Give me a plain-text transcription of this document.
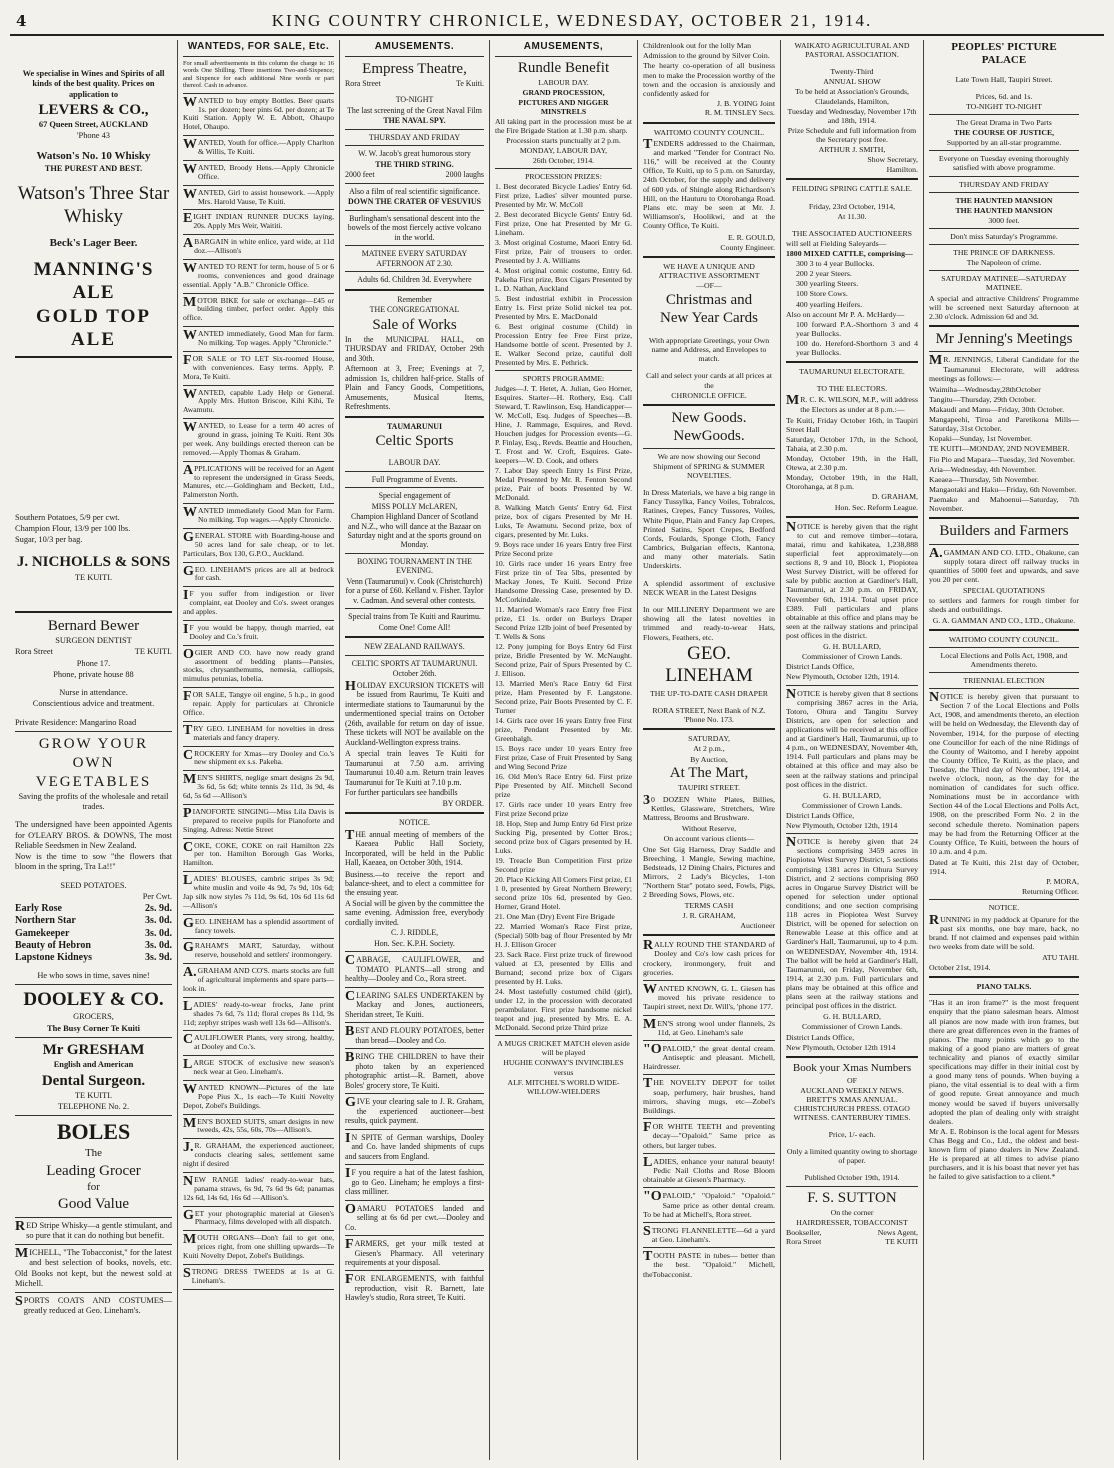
4	KING COUNTRY CHRONICLE, WEDNESDAY, OCTOBER 21, 1914.

We specialise in Wines and Spirits of all kinds of the best quality. Prices on application to

LEVERS & CO.,

67 Queen Street, AUCKLAND

'Phone 43

Watson's No. 10 Whisky

THE PUREST AND BEST.

Watson's Three Star Whisky

Beck's Lager Beer.

MANNING'S ALE

GOLD TOP ALE

Southern Potatoes, 5/9 per cwt.

Champion Flour, 13/9 per 100 lbs.

Sugar, 10/3 per bag.

J. NICHOLLS & SONS

TE KUITI.

Bernard Bewer

SURGEON DENTIST

Rora Street	TE KUITI.

Phone 17.

Phone, private house 88

Nurse in attendance.

Conscientious advice and treatment.

Private Residence: Mangarino Road

GROW YOUR

OWN VEGETABLES

Saving the profits of the wholesale and retail trades.

The undersigned have been appointed Agents for O'LEARY BROS. & DOWNS, The most Reliable Seedsmen in New Zealand.

Now is the time to sow "the flowers that bloom in the spring, Tra La!!"

SEED POTATOES.

Per Cwt.

Early Rose	2s. 9d.
Northern Star	3s. 0d.
Gamekeeper	3s. 0d.
Beauty of Hebron	3s. 0d.
Lapstone Kidneys	3s. 9d.

He who sows in time, saves nine!

DOOLEY & CO.

GROCERS,

The Busy Corner Te Kuiti

Mr GRESHAM

English and American

Dental Surgeon.

TE KUITI.

TELEPHONE No. 2.

BOLES

The

Leading Grocer

for

Good Value

RED Stripe Whisky—a gentle stimulant, and so pure that it can do nothing but benefit.

MICHELL, "The Tobacconist," for the latest and best selection of books, novels, etc. Old Books not kept, but the newest sold at Michell.

SPORTS COATS AND COSTUMES—greatly reduced at Geo. Lineham's.

WANTEDS, FOR SALE, Etc.

For small advertisements in this column the charge is: 16 words One Shilling. Three insertions Two-and-Sixpence; and Sixpence for each additional Nine words or part thereof. Cash in advance.

WANTED to buy empty Bottles. Beer quarts 1s. per dozen; beer pints 6d. per dozen; at Te Kuiti Station. Apply W. E. Abbott, Ohaupo Hotel, Ohaupo.

WANTED, Youth for office.—Apply Charlton & Willis, Te Kuiti.

WANTED, Broody Hens.—Apply Chronicle Office.

WANTED, Girl to assist housework. —Apply Mrs. Harold Vause, Te Kuiti.

EIGHT INDIAN RUNNER DUCKS laying, 20s. Apply Mrs Weir, Waititi.

ABARGAIN in white enlice, yard wide, at 11d doz.—Allison's

WANTED TO RENT for term, house of 5 or 6 rooms, conveniences and good drainage essential. Apply "A.B." Chronicle Office.

MOTOR BIKE for sale or exchange—£45 or building timber, perfect order. Apply this office.

WANTED immediately, Good Man for farm. No milking. Top wages. Apply "Chronicle."

FOR SALE or TO LET Six-roomed House, with conveniences. Easy terms. Apply, P. Mora, Te Kuiti.

WANTED, capable Lady Help or General. Apply Mrs. Hutton Briscoe, Kihi Kihi, Te Awamutu.

WANTED, to Lease for a term 40 acres of ground in grass, joining Te Kuiti. Rent 30s per week. Any buildings erected thereon can be removed.—Apply Thomas & Graham.

APPLICATIONS will be received for an Agent to represent the undersigned in Grass Seeds, Manures, etc.—Goldingham and Beckett, Ltd., Palmerston North.

WANTED immediately Good Man for Farm. No milking. Top wages.—Apply Chronicle.

GENERAL STORE with Boarding-house and 50 acres land for sale cheap, or to let. Particulars, Box 130, G.P.O., Auckland.

GEO. LINEHAM'S prices are all at bedrock for cash.

IF you suffer from indigestion or liver complaint, eat Dooley and Co's. sweet oranges and apples.

IF you would be happy, though married, eat Dooley and Co.'s fruit.

OGIER AND CO. have now ready grand assortment of bedding plants—Pansies, stocks, chrysanthemums, nemesia, calliopsis, mimulus petunias, lobelia.

FOR SALE, Tangye oil engine, 5 h.p., in good repair. Apply for particulars at Chronicle Office.

TRY GEO. LINEHAM for novelties in dress materials and fancy drapery.

CROCKERY for Xmas—try Dooley and Co.'s new shipment ex s.s. Pakeha.

MEN'S SHIRTS, neglige smart designs 2s 9d, 3s 6d, 5s 6d; white tennis 2s 11d, 3s 9d, 4s 6d, 5s 6d —Allison's

PIANOFORTE SINGING—Miss Lila Davis is prepared to receive pupils for Pianoforte and Singing. Adress: Nettie Street

COKE, COKE, COKE on rail Hamilton 22s per ton. Hamilton Borough Gas Works, Hamilton.

LADIES' BLOUSES, cambric stripes 3s 9d; white muslin and voile 4s 9d, 7s 9d, 10s 6d; Jap silk now styles 7s 11d, 9s 6d, 10s 6d 11s 6d—Allison's

GEO. LINEHAM has a splendid assortment of fancy towels.

GRAHAM'S MART, Saturday, without reserve, household and settlers' ironmongery.

A.GRAHAM AND CO'S. marts stocks are full of agricultural implements and spare parts—look in.

LADIES' ready-to-wear frocks, Jane print shades 7s 6d, 7s 11d; floral crepes 8s 11d, 9s 11d; zephyr stripes wash well 13s 6d—Allison's.

CAULIFLOWER Plants, very strong, healthy, at Dooley and Co.'s.

LARGE STOCK of exclusive new season's neck wear at Geo. Lineham's.

WANTED KNOWN—Pictures of the late Pope Pius X., 1s each—Te Kuiti Novelty Depot, Zobel's Buildings.

MEN'S BOXED SUITS, smart designs in new tweeds, 42s, 55s, 60s, 70s—Allison's.

J.R. GRAHAM, the experienced auctioneer, conducts clearing sales, settlement same night if desired

NEW RANGE ladies' ready-to-wear hats, panama straws, 6s 9d, 7s 6d 9s 6d; panamas 12s 6d, 14s 6d, 16s 6d —Allison's.

GET your photographic material at Giesen's Pharmacy, films developed with all dispatch.

MOUTH ORGANS—Don't fail to get one, prices right, from one shilling upwards—Te Kuiti Novelty Depot, Zobel's Buildings.

STRONG DRESS TWEEDS at 1s at G. Lineham's.

AMUSEMENTS.

Empress Theatre,

Rora Street	Te Kuiti.

TO-NIGHT

The last screening of the Great Naval Film

THE NAVAL SPY.

THURSDAY AND FRIDAY

W. W. Jacob's great humorous story

THE THIRD STRING.

2000 feet	2000 laughs

Also a film of real scientific significance.

DOWN THE CRATER OF VESUVIUS

Burlingham's sensational descent into the bowels of the most fiercely active volcano in the world.

MATINEE EVERY SATURDAY AFTERNOON AT 2.30.

Adults 6d. Children 3d. Everywhere

Remember

THE CONGREGATIONAL

Sale of Works

In the MUNICIPAL HALL, on THURSDAY and FRIDAY, October 29th and 30th.

Afternoon at 3, Free; Evenings at 7, admission 1s, children half-price. Stalls of Plain and Fancy Goods, Competitions, Amusements, Musical Items, Refreshments.

TAUMARUNUI

Celtic Sports

LABOUR DAY.

Full Programme of Events.

Special engagement of

MISS POLLY McLAREN,

Champion Highland Dancer of Scotland and N.Z., who will dance at the Bazaar on Saturday night and at the sports ground on Monday.

BOXING TOURNAMENT IN THE EVENING.

Venn (Taumarunui) v. Cook (Christchurch) for a purse of £60. Kelland v. Fisher. Taylor v. Cadman. And several other contests.

Special trains from Te Kuiti and Raurimu.

Come One! Come All!

NEW ZEALAND RAILWAYS.

CELTIC SPORTS AT TAUMARUNUI.

October 26th.

HOLIDAY EXCURSION TICKETS will be issued from Raurimu, Te Kuiti and intermediate stations to Taumarunui by the undermentioned special trains on October (26th, available for return on day of issue. These tickets will NOT be available on the Auckland-Wellington express trains.

A special train leaves Te Kuiti for Taumarunui at 7.50 a.m. arriving Taumarunui 10.40 a.m. Return train leaves Taumarunui for Te Kuiti at 7.10 p.m.

For further particulars see handbills

BY ORDER.

NOTICE.

THE annual meeting of members of the Kaeaea Public Hall Society, Incorporated, will be held in the Public Hall, Kaeaea, on October 30th, 1914.

Business.—to receive the report and balance-sheet, and to elect a committee for the ensuing year.

A Social will be given by the committee the same evening. Admission free, everybody cordially invited.

C. J. RIDDLE,

Hon. Sec. K.P.H. Society.

CABBAGE, CAULIFLOWER, and TOMATO PLANTS—all strong and healthy—Dooley and Co., Rora street.

CLEARING SALES UNDERTAKEN by Mackay and Jones, auctioneers, Sheridan street, Te Kuiti.

BEST AND FLOURY POTATOES, better than bread—Dooley and Co.

BRING THE CHILDREN to have their photo taken by an experienced photographic artist—R. Barnett, above Boles' grocery store, Te Kuiti.

GIVE your clearing sale to J. R. Graham, the experienced auctioneer—best results, quick payment.

IN SPITE of German warships, Dooley and Co. have landed shipments of cups and saucers from England.

IF you require a hat of the latest fashion, go to Geo. Lineham; he employs a first-class milliner.

OAMARU POTATOES landed and selling at 6s 6d per cwt.—Dooley and Co.

FARMERS, get your milk tested at Giesen's Pharmacy. All veterinary requirements at your disposal.

FOR ENLARGEMENTS, with faithful reproduction, visit R. Barnett, late Hawley's studio, Rora street, Te Kuiti.

AMUSEMENTS,

Rundle Benefit

LABOUR DAY.

GRAND PROCESSION,

PICTURES AND NIGGER MINSTRELS

All taking part in the procession must be at the Fire Brigade Station at 1.30 p.m. sharp.

Procession starts punctually at 2 p.m.

MONDAY, LABOUR DAY,

26th October, 1914.

PROCESSION PRIZES:

1. Best decorated Bicycle Ladies' Entry 6d. First prize, Ladies' silver mounted purse. Presented by Mr. W. McColl

2. Best decorated Bicycle Gents' Entry 6d. First prize, One hat Presented by Mr G. Lineham.

3. Most original Costume, Maori Entry 6d. First prize, Pair of trousers to order. Presented by J. A. Williams

4. Most original comic costume, Entry 6d. Pakeha First prize, Box Cigars Presented by L. D. Nathan, Auckland

5. Best industrial exhibit in Procession Entry 1s. First prize Solid nickel tea pot. Presented by Mrs. E. MacDonald

6. Best original costume (Child) in Procession Entry fee Free First prize, Handsome bottle of scent. Presented by J. E. Walker Second prize, cautiful doll Presented by Mrs. E. Pethrick.

SPORTS PROGRAMME:

Judges—J. T. Hetet, A. Julian, Geo Horner, Esquires. Starter—H. Rothery, Esq. Call Steward, T. Rawlinson, Esq. Handicapper—W. McColl, Esq. Judges of Speeches—B. Hine, J. Rammage, Esquires, and Revd. Houchen judges for Procession events—G. P. Finlay, Esq., Revds. Beattie and Houchen, T. Frost and W. Croft, Esquires. Gate-keepers—W. D. Cook, and others

7. Labor Day speech Entry 1s First Prize, Medal Presented by Mr. R. Fenton Second prize, Pair of boots Presented by W. McDonald.

8. Walking Match Gents' Entry 6d. First prize, box of cigars Presented by Mr H. Luks, Te Awamutu. Second prize, box of cigars, presented by Mr. Luks.

9. Boys race under 16 years Entry free First Prize Second prize

10. Girls race under 16 years Entry free First prize tin of Tea 5lbs, presented by Mackay Jones, Te Kuiti. Second Prize Handsome Dressing Case, presented by D. McCorkindale.

11. Married Woman's race Entry free First prize, £1 1s. order on Burleys Draper Second Prize 12lb joint of beef Presented by T. Wells & Sons

12. Pony jumping for Boys Entry 6d First prize, Bridle Presented by W. McNaught. Second prize, Pair of Spurs Presented by C. J. Ellison.

13. Married Men's Race Entry 6d First prize, Ham Presented by F. Langstone. Second prize, Pair Boots Presented by C. F. Turner

14. Girls race over 16 years Entry free First prize, Pendant Presented by Mr. Greenhalgh.

15. Boys race under 10 years Entry free First prize, Case of Fruit Presented by Sang and Wing Second Prize

16. Old Men's Race Entry 6d. First prize Pipe Presented by Alf. Mitchell Second prize

17. Girls race under 10 years Entry free First prize Second prize

18. Hop, Step and Jump Entry 6d First prize Sucking Pig, presented by Cotter Bros.; second prize box of Cigars presented by H. Luks.

19. Treacle Bun Competition First prize Second prize

20. Place Kicking All Comers First prize, £1 1 0, presented by Great Northern Brewery; second prize 10s 6d, presented by Geo. Horner, Grand Hotel.

21. One Man (Dry) Event Fire Brigade

22. Married Woman's Race First prize, (Special) 50lb bag of flour Presented by Mr H. J. Ellison Grocer

23. Sack Race. First prize truck of firewood valued at £3, presented by Ellis and Burnand; second prize box of Cigars presented by H. Luks.

24. Most tastefully costumed child (girl), under 12, in the procession with decorated perambulator. First prize handsome nickel teapot and jug, presented by Mrs. E. A. McDonald. Second prize Third prize

A MUGS CRICKET MATCH eleven aside will be played

HUGHIE CONWAY'S INVINCIBLES

versus

ALF. MITCHEL'S WORLD WIDE-WILLOW-WIELDERS

Childrenlook out for the lolly Man

Admission to the ground by Silver Coin.

The hearty co-operation of all business men to make the Procession worthy of the town and the occasion is anxiously and confidently asked for

J. B. YOING Joint
R. M. TINSLEY Secs.

WAITOMO COUNTY COUNCIL.

TENDERS addressed to the Chairman, and marked "Tender for Contract No. 116," will be received at the County Office, Te Kuiti, up to 5 p.m. on Saturday, 24th October, for the supply and delivery of 600 yds. of Shingle along Richardson's Hill, on the Hauturu to Otorohanga Road. Plans etc. may be seen at Mr. J. Williamson's, Hoolikwi, and at the County Office, Te Kuiti.

E. R. GOULD,

County Engineer.

WE HAVE A UNIQUE AND ATTRACTIVE ASSORTMENT

—OF—

Christmas and

New Year Cards

With appropriate Greetings, your Own name and Address, and Envelopes to match.

Call and select your cards at all prices at the

CHRONICLE OFFICE.

New Goods. NewGoods.

We are now showing our Second Shipment of SPRING & SUMMER NOVELTIES.

In Dress Materials, we have a big range in Fancy Tussylka, Fancy Voiles, Tobralcos, Ratines, Crepes, Fancy Tussores, Voiles, White Pique, Plain and Fancy Jap Crepes, Printed Satins, Sport Crepes, Bedford Cords, Foulards, Sponge Cloth, Fancy Cambrics, Bulgarian effects, Kantona, and many other materials. Satin Underskirts.

A splendid assortment of exclusive NECK WEAR in the Latest Designs

In our MILLINERY Department we are showing all the latest novelties in trimmed and ready-to-wear Hats, Flowers, Feathers, etc.

GEO. LINEHAM

THE UP-TO-DATE CASH DRAPER

RORA STREET, Next Bank of N.Z. 'Phone No. 173.

SATURDAY,

At 2 p.m.,

By Auction,

At The Mart,

TAUPIRI STREET.

30 DOZEN White Plates, Billies, Kettles, Glassware, Stretchers, Wire Mattress, Brooms and Brushware.

Without Reserve,

On account various clients—

One Set Gig Harness, Dray Saddle and Breeching, 1 Mangle, Sewing machine, Bedsteads, 12 Dining Chairs, Pictures and Mirrors, 2 Lady's Bicycles, 1-ton "Northern Star" potato seed, Fowls, Pigs, 2 Breeding Sows, Plows, etc.

TERMS CASH

J. R. GRAHAM,

Auctioneer

RALLY ROUND THE STANDARD of Dooley and Co's low cash prices for crockery, ironmongery, fruit and groceries.

WANTED KNOWN, G. L. Giesen has moved his private residence to Taupiri street, next Dr. Will's, 'phone 177.

MEN'S strong wool under flannels, 2s 11d, at Geo. Lineham's sale

"OPALOID," the great dental cream. Antiseptic and pleasant. Michell, Hairdresser.

THE NOVELTY DEPOT for toilet soap, perfumery, hair brushes, hand mirrors, shaving mugs, etc—Zobel's Buildings.

FOR WHITE TEETH and preventing decay—"Opaloid." Same price as others, but larger tubes.

LADIES, enhance your natural beauty! Pedic Nail Cloths and Rose Bloom obtainable at Giesen's Pharmacy.

"OPALOID," "Opaloid." "Opaloid." Same price as other dental cream. To be had at Michell's, Rora street.

STRONG FLANNELETTE—6d a yard at Geo. Lineham's.

TOOTH PASTE in tubes— better than the best. "Opaloid." Michell, theTobacconist.

WAIKATO AGRICULTURAL AND PASTORAL ASSOCIATION.

Twenty-Third

ANNUAL SHOW

To be held at Association's Grounds, Claudelands, Hamilton,

Tuesday and Wednesday, November 17th and 18th, 1914.

Prize Schedule and full information from the Secretary post free.

ARTHUR J. SMITH,

Show Secretary,

Hamilton.

FEILDING SPRING CATTLE SALE.

Friday, 23rd October, 1914,

At 11.30.

THE ASSOCIATED AUCTIONEERS

will sell at Fielding Saleyards—

1800 MIXED CATTLE, comprising—

300 3 to 4 year Bullocks.

200 2 year Steers.

300 yearling Steers.

100 Store Cows.

400 yearling Heifers.

Also on account Mr P. A. McHardy—

100 forward P.A.-Shorthorn 3 and 4 year Bullocks.

100 do. Hereford-Shorthorn 3 and 4 year Bullocks.

TAUMARUNUI ELECTORATE.

TO THE ELECTORS.

MR. C. K. WILSON, M.P., will address the Electors as under at 8 p.m.:—

Te Kuiti, Friday October 16th, in Taupiri Street Hall

Saturday, October 17th, in the School, Tahaia, at 2.30 p.m.

Monday, October 19th, in the Hall, Otewa, at 2.30 p.m.

Monday, October 19th, in the Hall, Otorohanga, at 8 p.m.

D. GRAHAM,

Hon. Sec. Reform League.

NOTICE is hereby given that the right to cut and remove timber—totara, matai, rimu and kahikatea, 1,238,888 superficial feet approximately—on sections 8, 9 and 10, Block 1, Piopiotea West Survey District, will be offered for sale by public auction at Gardiner's Hall, Taumarunui, at 2.30 p.m. on FRIDAY, November 6th, 1914. Total upset price £389. Full particulars and plans obtainable at this office and plans may be seen at the railway stations and principal post offices in the district.

G. H. BULLARD,

Commissioner of Crown Lands.

District Lands Office,

New Plymouth, October 12th, 1914.

NOTICE is hereby given that 8 sections comprising 3867 acres in the Aria, Totoro, Ohura and Tangitu Survey Districts, are open for selection and applications will be received at this office and at Gardiner's Hall, Taumarunui, up to 4 p.m., on WEDNESDAY, November 4th, 1914. Full particulars and plans may be obtained at this office and may also be seen at the railway stations and principal post offices in the district.

G. H. BULLARD,

Commissioner of Crown Lands.

District Lands Office,

New Plymouth, October 12th, 1914

NOTICE is hereby given that 24 sections comprising 3459 acres in Piopiotea West Survey District, 5 sections comprising 1381 acres in Ohura Survey District, and 2 sections comprising 860 acres in Ongarue Survey District will be opened for selection under optional conditions; and one section comprising 118 acres in Piopiotea West Survey District, will be opened for selection on Renewable Lease at this office and at Gardiner's Hall, Taumarunui, up to 4 p.m. on WEDNESDAY, November 4th, 1914. The ballot will be held at Gardiner's Hall, Taumarunui, on Friday, November 6th, 1914, at 2.30 p.m. Full particulars and plans may be obtained at this office and plans seen at the railway stations and principal post offices in the district.

G. H. BULLARD,

Commissioner of Crown Lands.

District Lands Office,

New Plymouth, October 12th 1914

Book your Xmas Numbers

OF

AUCKLAND WEEKLY NEWS. BRETT'S XMAS ANNUAL. CHRISTCHURCH PRESS. OTAGO WITNESS. CANTERBURY TIMES.

Price, 1/- each.

Only a limited quantity owing to shortage of paper.

Published October 19th, 1914.

F. S. SUTTON

On the corner

HAIRDRESSER, TOBACCONIST

Bookseller,	News Agent,
Rora Street	TE KUITI

PEOPLES' PICTURE PALACE

Late Town Hall, Taupiri Street.

Prices, 6d. and 1s.

TO-NIGHT TO-NIGHT

The Great Drama in Two Parts

THE COURSE OF JUSTICE,

Supported by an all-star programme.

Everyone on Tuesday evening thoroughly satisfied with above programme.

THURSDAY AND FRIDAY

THE HAUNTED MANSION

THE HAUNTED MANSION

3000 feet.

Don't miss Saturday's Programme.

THE PRINCE OF DARKNESS.

The Napoleon of crime.

SATURDAY MATINEE—SATURDAY MATINEE.

A special and attractive Childrens' Programme will be screened next Saturday afternoon at 2.30 o'clock. Admission 6d and 3d.

Mr Jenning's Meetings

MR. JENNINGS, Liberal Candidate for the Taumarunui Electorate, will address meetings as follows:—

Waimiha—Wednesday,28thOctober

Tangitu—Thursday, 29th October.

Makaudi and Manu—Friday, 30th October.

Mangapeehi, Tiroa and Paretikona Mills—Saturday, 31st October.

Kopaki—Sunday, 1st November.

TE KUITI—MONDAY, 2ND NOVEMBER.

Fio Pio and Mapara—Tuesday, 3rd November.

Aria—Wednesday, 4th November.

Kaeaea—Thursday, 5th November.

Mangaotaki and Haku—Friday, 6th November.

Paemako and Mahoenui—Saturday, 7th November.

Builders and Farmers

A.GAMMAN AND CO. LTD., Ohakune, can supply totara direct off railway trucks in quantities of 5000 feet and upwards, and save you 20 per cent.

SPECIAL QUOTATIONS

to settlers and farmers for rough timber for sheds and outbuildings.

G. A. GAMMAN AND CO., LTD., Ohakune.

WAITOMO COUNTY COUNCIL.

Local Elections and Polls Act, 1908, and Amendments thereto.

TRIENNIAL ELECTION

NOTICE is hereby given that pursuant to Section 7 of the Local Elections and Polls Act, 1908, and amendments thereto, an election will be held on Wednesday, the Eleventh day of November, 1914, for the purpose of electing one Councillor for each of the nine Ridings of the County of Waitomo, and I hereby appoint the County Office, Te Kuiti, as the place, and Tuesday, the Third day of November, 1914, at twelve o'clock, noon, as the day for the nomination of candidates for such office. Nominations must be in accordance with Section 44 of the Local Elections and Polls Act, 1908, on the prescribed Form No. 2 in the second schedule thereto. Nomination papers may be had from the Returning Officer at the County Office, Te Kuiti, between the hours of 10 a.m. and 4 p.m.

Dated at Te Kuiti, this 21st day of October, 1914.

P. MORA,

Returning Officer.

NOTICE.

RUNNING in my paddock at Oparure for the past six months, one bay mare, hack, no brand. If not claimed and expenses paid within two weeks from date will be sold.

ATU TAHI.

October 21st, 1914.

PIANO TALKS.

"Has it an iron frame?" is the most frequent enquiry that the piano salesman hears. Almost all pianos are now made with iron frames, but there are great differences even in the frames of pianos. The many points which go to the making of a good piano are matters of great technicality and pianos of exactly similar specifications may differ in their initial cost by a good many tens of pounds. When buying a piano, the vital essential is to deal with a firm of good repute. Great annoyance and much money would be saved if buyers universally adopted the plan of dealing only with straight dealers.

Mr A. E. Robinson is the local agent for Messrs Chas Begg and Co., Ltd., the oldest and best-known firm of piano dealers in New Zealand. He is prepared at all times to advise piano purchasers, and it is his boast that never yet has he failed to give satisfaction to a client.*
